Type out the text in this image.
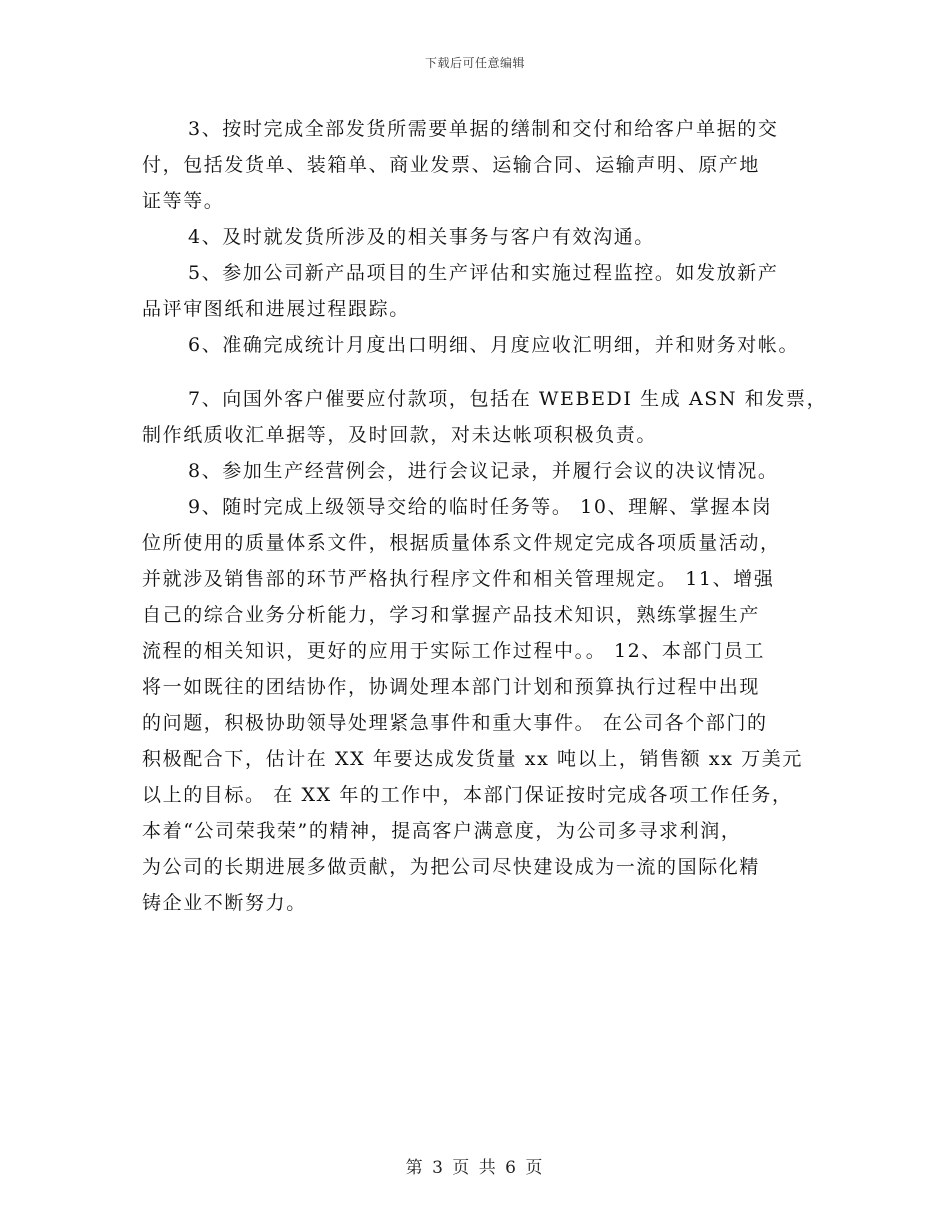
下载后可任意编辑
3、按时完成全部发货所需要单据的缮制和交付和给客户单据的交
付，包括发货单、装箱单、商业发票、运输合同、运输声明、原产地
证等等。
4、及时就发货所涉及的相关事务与客户有效沟通。
5、参加公司新产品项目的生产评估和实施过程监控。如发放新产
品评审图纸和进展过程跟踪。
6、准确完成统计月度出口明细、月度应收汇明细，并和财务对帐。
7、向国外客户催要应付款项，包括在 WEBEDI 生成 ASN 和发票，
制作纸质收汇单据等，及时回款，对未达帐项积极负责。
8、参加生产经营例会，进行会议记录，并履行会议的决议情况。
9、随时完成上级领导交给的临时任务等。 10、理解、掌握本岗
位所使用的质量体系文件，根据质量体系文件规定完成各项质量活动，
并就涉及销售部的环节严格执行程序文件和相关管理规定。 11、增强
自己的综合业务分析能力，学习和掌握产品技术知识，熟练掌握生产
流程的相关知识，更好的应用于实际工作过程中。。 12、本部门员工
将一如既往的团结协作，协调处理本部门计划和预算执行过程中出现
的问题，积极协助领导处理紧急事件和重大事件。 在公司各个部门的
积极配合下，估计在 XX 年要达成发货量 xx 吨以上，销售额 xx 万美元
以上的目标。 在 XX 年的工作中，本部门保证按时完成各项工作任务，
本着“公司荣我荣”的精神，提高客户满意度，为公司多寻求利润，
为公司的长期进展多做贡献，为把公司尽快建设成为一流的国际化精
铸企业不断努力。
第 3 页 共 6 页
